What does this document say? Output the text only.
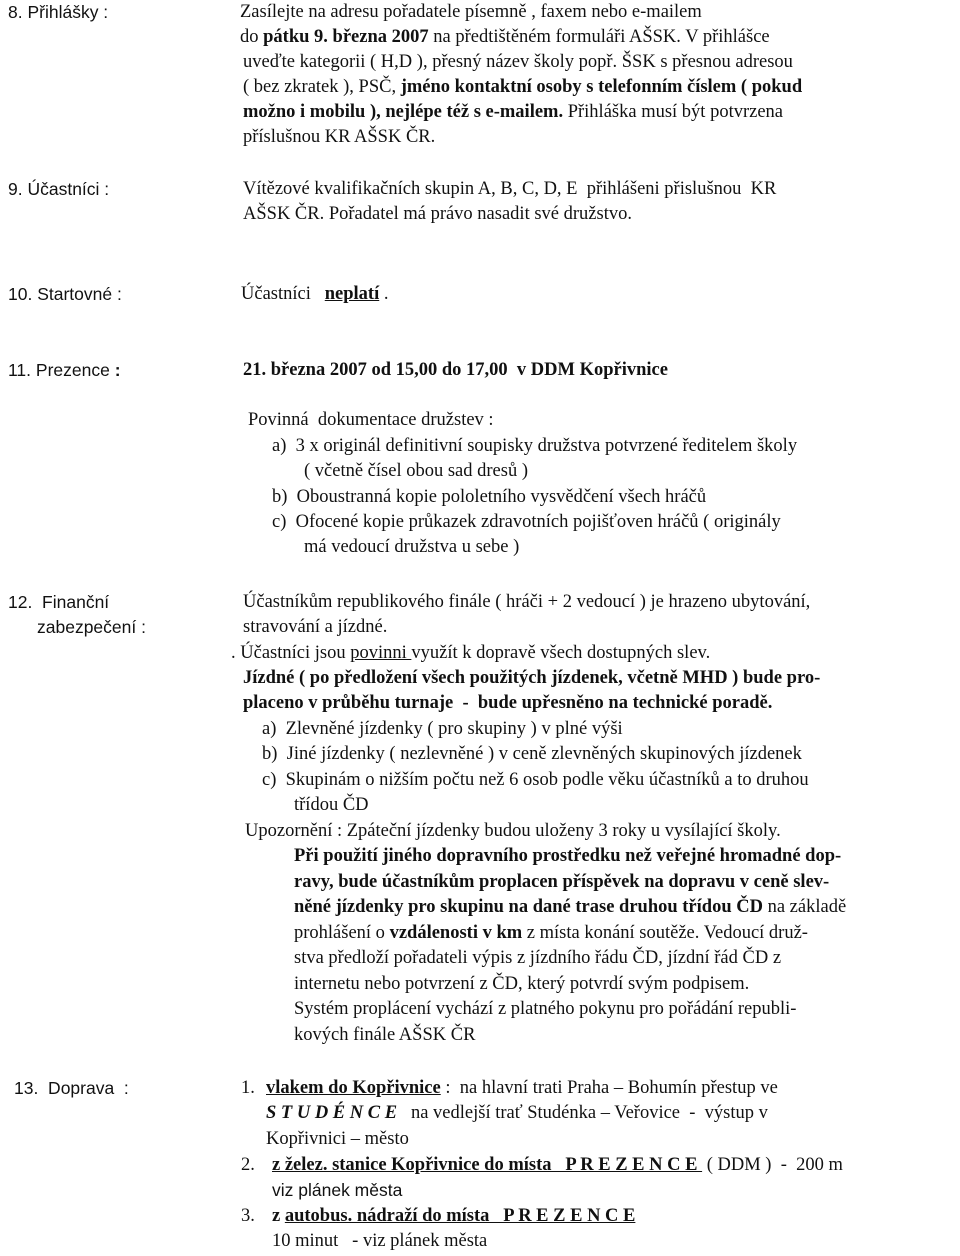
8. Přihlášky :	Zasílejte na adresu pořadatele písemně , faxem nebo e-mailem
do pátku 9. března 2007 na předtištěném formuláři AŠSK. V přihlášce
uveďte kategorii ( H,D ), přesný název školy popř. ŠSK s přesnou adresou
( bez zkratek ), PSČ, jméno kontaktní osoby s telefonním číslem ( pokud
možno i mobilu ), nejlépe též s e-mailem. Přihláška musí být potvrzena
příslušnou KR AŠSK ČR.
9. Účastníci :	Vítězové kvalifikačních skupin A, B, C, D, E  přihlášeni přislušnou  KR
AŠSK ČR. Pořadatel má právo nasadit své družstvo.
10. Startovné :	Účastníci   neplatí .
11. Prezence :	21. března 2007 od 15,00 do 17,00  v DDM Kopřivnice
Povinná  dokumentace družstev :
a)  3 x originál definitivní soupisky družstva potvrzené ředitelem školy
( včetně čísel obou sad dresů )
b)  Oboustranná kopie pololetního vysvědčení všech hráčů
c)  Ofocené kopie průkazek zdravotních pojišťoven hráčů ( originály
má vedoucí družstva u sebe )
12.  Finanční
zabezpečení :
Účastníkům republikového finále ( hráči + 2 vedoucí ) je hrazeno ubytování,
stravování a jízdné.
. Účastníci jsou povinni využít k dopravě všech dostupných slev.
Jízdné ( po předložení všech použitých jízdenek, včetně MHD ) bude pro-
placeno v průběhu turnaje  -  bude upřesněno na technické poradě.
a)  Zlevněné jízdenky ( pro skupiny ) v plné výši
b)  Jiné jízdenky ( nezlevněné ) v ceně zlevněných skupinových jízdenek
c)  Skupinám o nižším počtu než 6 osob podle věku účastníků a to druhou
třídou ČD
Upozornění : Zpáteční jízdenky budou uloženy 3 roky u vysílající školy.
Při použití jiného dopravního prostředku než veřejné hromadné dop-
ravy, bude účastníkům proplacen příspěvek na dopravu v ceně slev-
něné jízdenky pro skupinu na dané trase druhou třídou ČD na základě
prohlášení o vzdálenosti v km z místa konání soutěže. Vedoucí druž-
stva předloží pořadateli výpis z jízdního řádu ČD, jízdní řád ČD z
internetu nebo potvrzení z ČD, který potvrdí svým podpisem.
Systém proplácení vychází z platného pokynu pro pořádání republi-
kových finále AŠSK ČR
13.  Doprava  :	1. vlakem do Kopřivnice :  na hlavní trati Praha – Bohumín přestup ve
S T U D É N C E   na vedlejší trať Studénka – Veřovice  -  výstup v
Kopřivnici – město
2. z želez. stanice Kopřivnice do místa   P R E Z E N C E  ( DDM )  -  200 m
viz plánek města
3. z autobus. nádraží do místa   P R E Z E N C E
10 minut   - viz plánek města
